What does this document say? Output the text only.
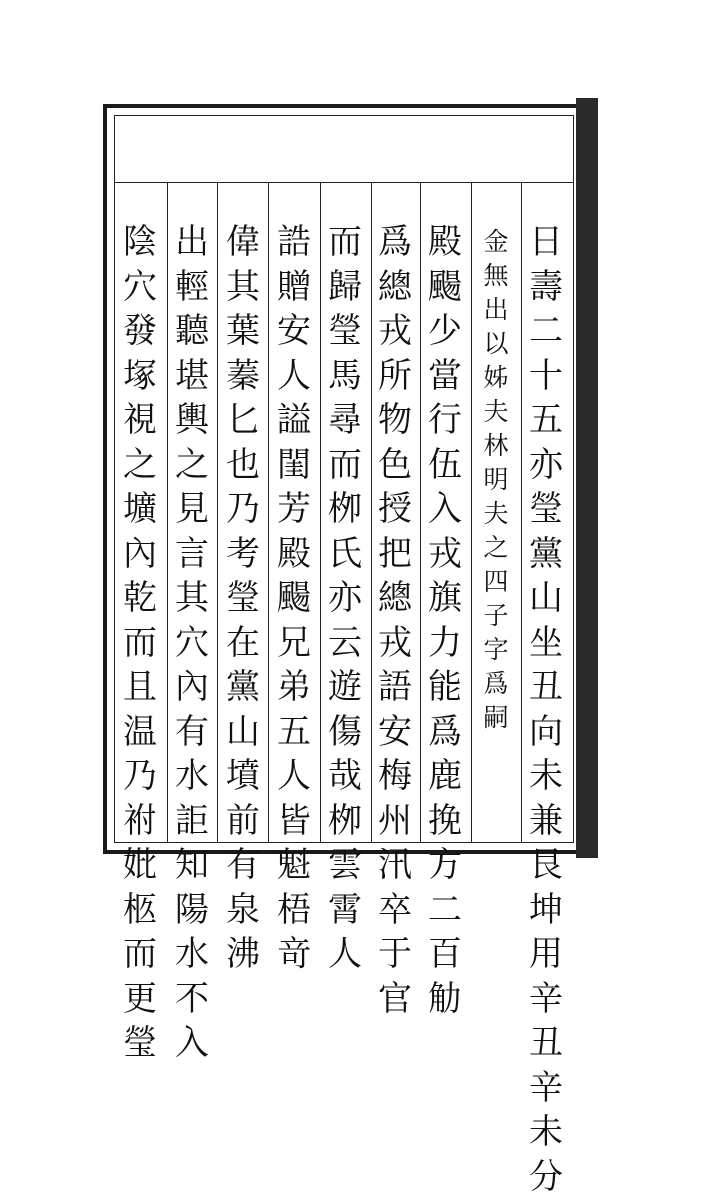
日壽二十五亦瑩黨山坐丑向未兼艮坤用辛丑辛未分
金無出以姊夫林明夫之四子字爲嗣
殿颺少當行伍入戎旗力能爲鹿挽方二百觔
爲總戎所物色授把總戎語安梅州汛卒于官
而歸瑩馬尋而栁氏亦云遊傷哉栁雲霄人
誥贈安人謚閨芳殿颺兄弟五人皆魁梧竒
偉其葉蓁匕也乃考瑩在黨山墳前有泉沸
出輕聽堪輿之見言其穴內有水詎知陽水不入
陰穴發塚視之壙內乾而且温乃祔妣柩而更瑩
